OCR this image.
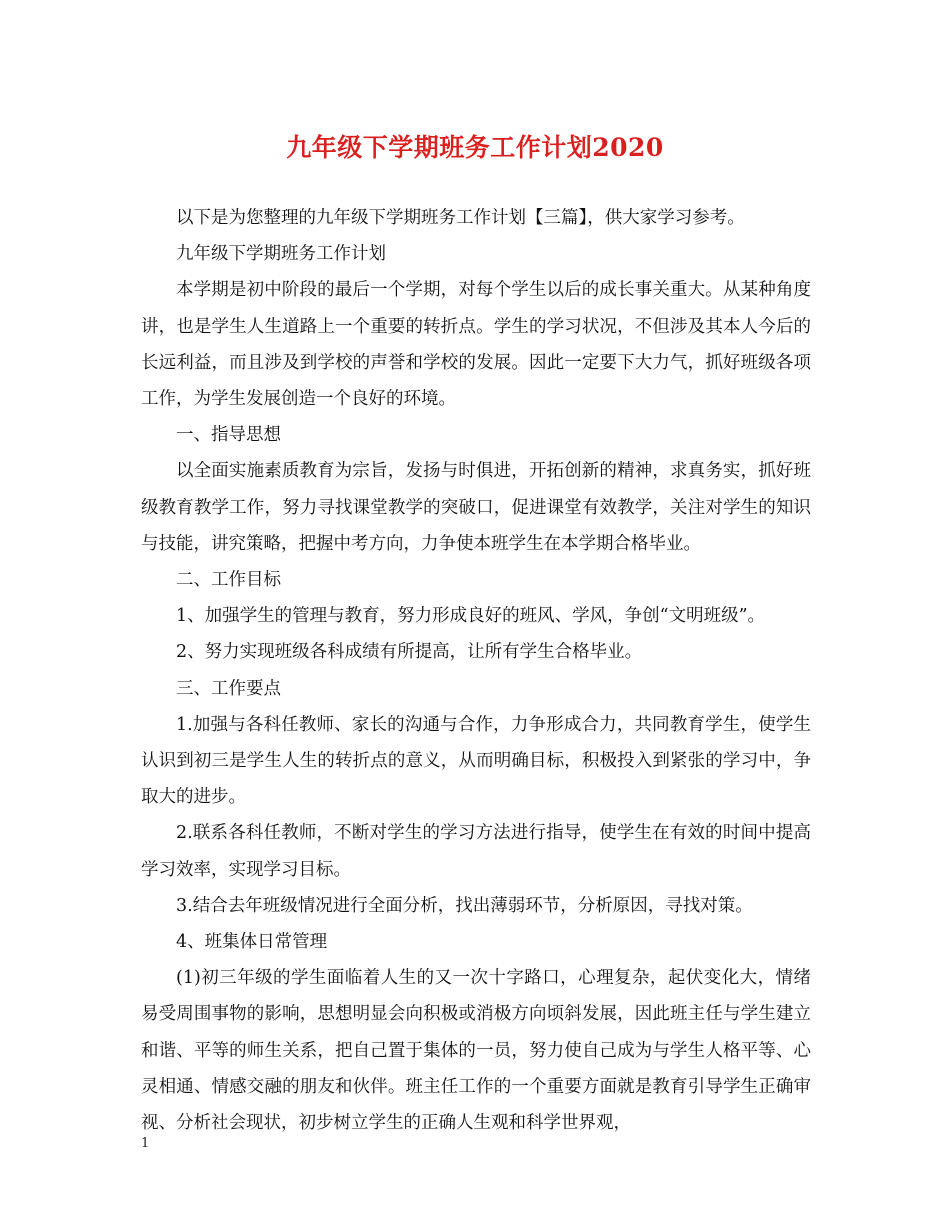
九年级下学期班务工作计划2020

以下是为您整理的九年级下学期班务工作计划【三篇】，供大家学习参考。

九年级下学期班务工作计划

本学期是初中阶段的最后一个学期，对每个学生以后的成长事关重大。从某种角度讲，也是学生人生道路上一个重要的转折点。学生的学习状况，不但涉及其本人今后的长远利益，而且涉及到学校的声誉和学校的发展。因此一定要下大力气，抓好班级各项工作，为学生发展创造一个良好的环境。

一、指导思想

以全面实施素质教育为宗旨，发扬与时俱进，开拓创新的精神，求真务实，抓好班级教育教学工作，努力寻找课堂教学的突破口，促进课堂有效教学，关注对学生的知识与技能，讲究策略，把握中考方向，力争使本班学生在本学期合格毕业。

二、工作目标

1、加强学生的管理与教育，努力形成良好的班风、学风，争创“文明班级”。

2、努力实现班级各科成绩有所提高，让所有学生合格毕业。

三、工作要点

1.加强与各科任教师、家长的沟通与合作，力争形成合力，共同教育学生，使学生认识到初三是学生人生的转折点的意义，从而明确目标，积极投入到紧张的学习中，争取大的进步。

2.联系各科任教师，不断对学生的学习方法进行指导，使学生在有效的时间中提高学习效率，实现学习目标。

3.结合去年班级情况进行全面分析，找出薄弱环节，分析原因，寻找对策。

4、班集体日常管理

(1)初三年级的学生面临着人生的又一次十字路口，心理复杂，起伏变化大，情绪易受周围事物的影响，思想明显会向积极或消极方向顷斜发展，因此班主任与学生建立和谐、平等的师生关系，把自己置于集体的一员，努力使自己成为与学生人格平等、心灵相通、情感交融的朋友和伙伴。班主任工作的一个重要方面就是教育引导学生正确审视、分析社会现状，初步树立学生的正确人生观和科学世界观，

1
